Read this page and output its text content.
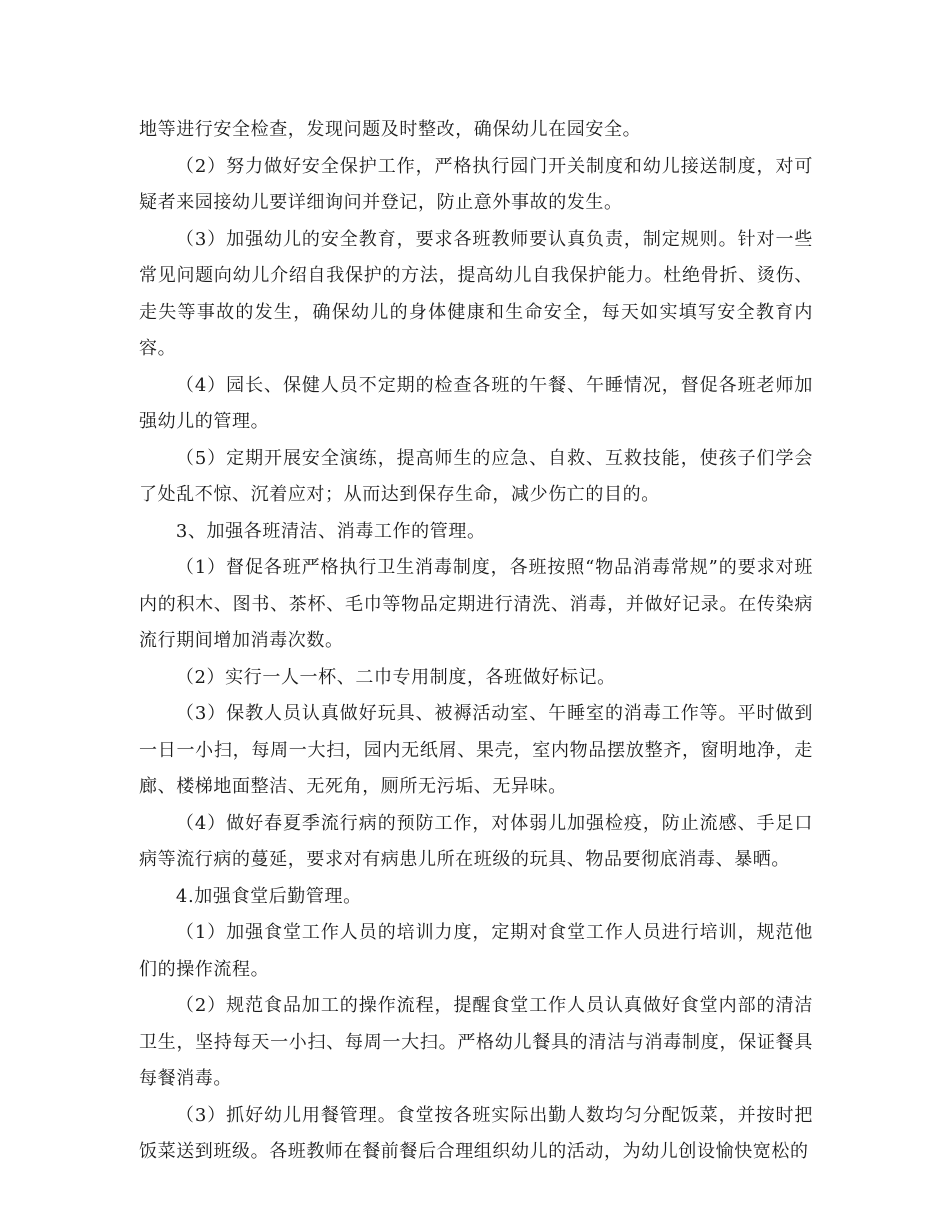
地等进行安全检查，发现问题及时整改，确保幼儿在园安全。

（2）努力做好安全保护工作，严格执行园门开关制度和幼儿接送制度，对可疑者来园接幼儿要详细询问并登记，防止意外事故的发生。

（3）加强幼儿的安全教育，要求各班教师要认真负责，制定规则。针对一些常见问题向幼儿介绍自我保护的方法，提高幼儿自我保护能力。杜绝骨折、烫伤、走失等事故的发生，确保幼儿的身体健康和生命安全，每天如实填写安全教育内容。

（4）园长、保健人员不定期的检查各班的午餐、午睡情况，督促各班老师加强幼儿的管理。

（5）定期开展安全演练，提高师生的应急、自救、互救技能，使孩子们学会了处乱不惊、沉着应对；从而达到保存生命，减少伤亡的目的。

3、加强各班清洁、消毒工作的管理。

（1）督促各班严格执行卫生消毒制度，各班按照“物品消毒常规”的要求对班内的积木、图书、茶杯、毛巾等物品定期进行清洗、消毒，并做好记录。在传染病流行期间增加消毒次数。

（2）实行一人一杯、二巾专用制度，各班做好标记。

（3）保教人员认真做好玩具、被褥活动室、午睡室的消毒工作等。平时做到一日一小扫，每周一大扫，园内无纸屑、果壳，室内物品摆放整齐，窗明地净，走廊、楼梯地面整洁、无死角，厕所无污垢、无异味。

（4）做好春夏季流行病的预防工作，对体弱儿加强检疫，防止流感、手足口病等流行病的蔓延，要求对有病患儿所在班级的玩具、物品要彻底消毒、暴晒。

4.加强食堂后勤管理。

（1）加强食堂工作人员的培训力度，定期对食堂工作人员进行培训，规范他们的操作流程。

（2）规范食品加工的操作流程，提醒食堂工作人员认真做好食堂内部的清洁卫生，坚持每天一小扫、每周一大扫。严格幼儿餐具的清洁与消毒制度，保证餐具每餐消毒。

（3）抓好幼儿用餐管理。食堂按各班实际出勤人数均匀分配饭菜，并按时把饭菜送到班级。各班教师在餐前餐后合理组织幼儿的活动，为幼儿创设愉快宽松的
